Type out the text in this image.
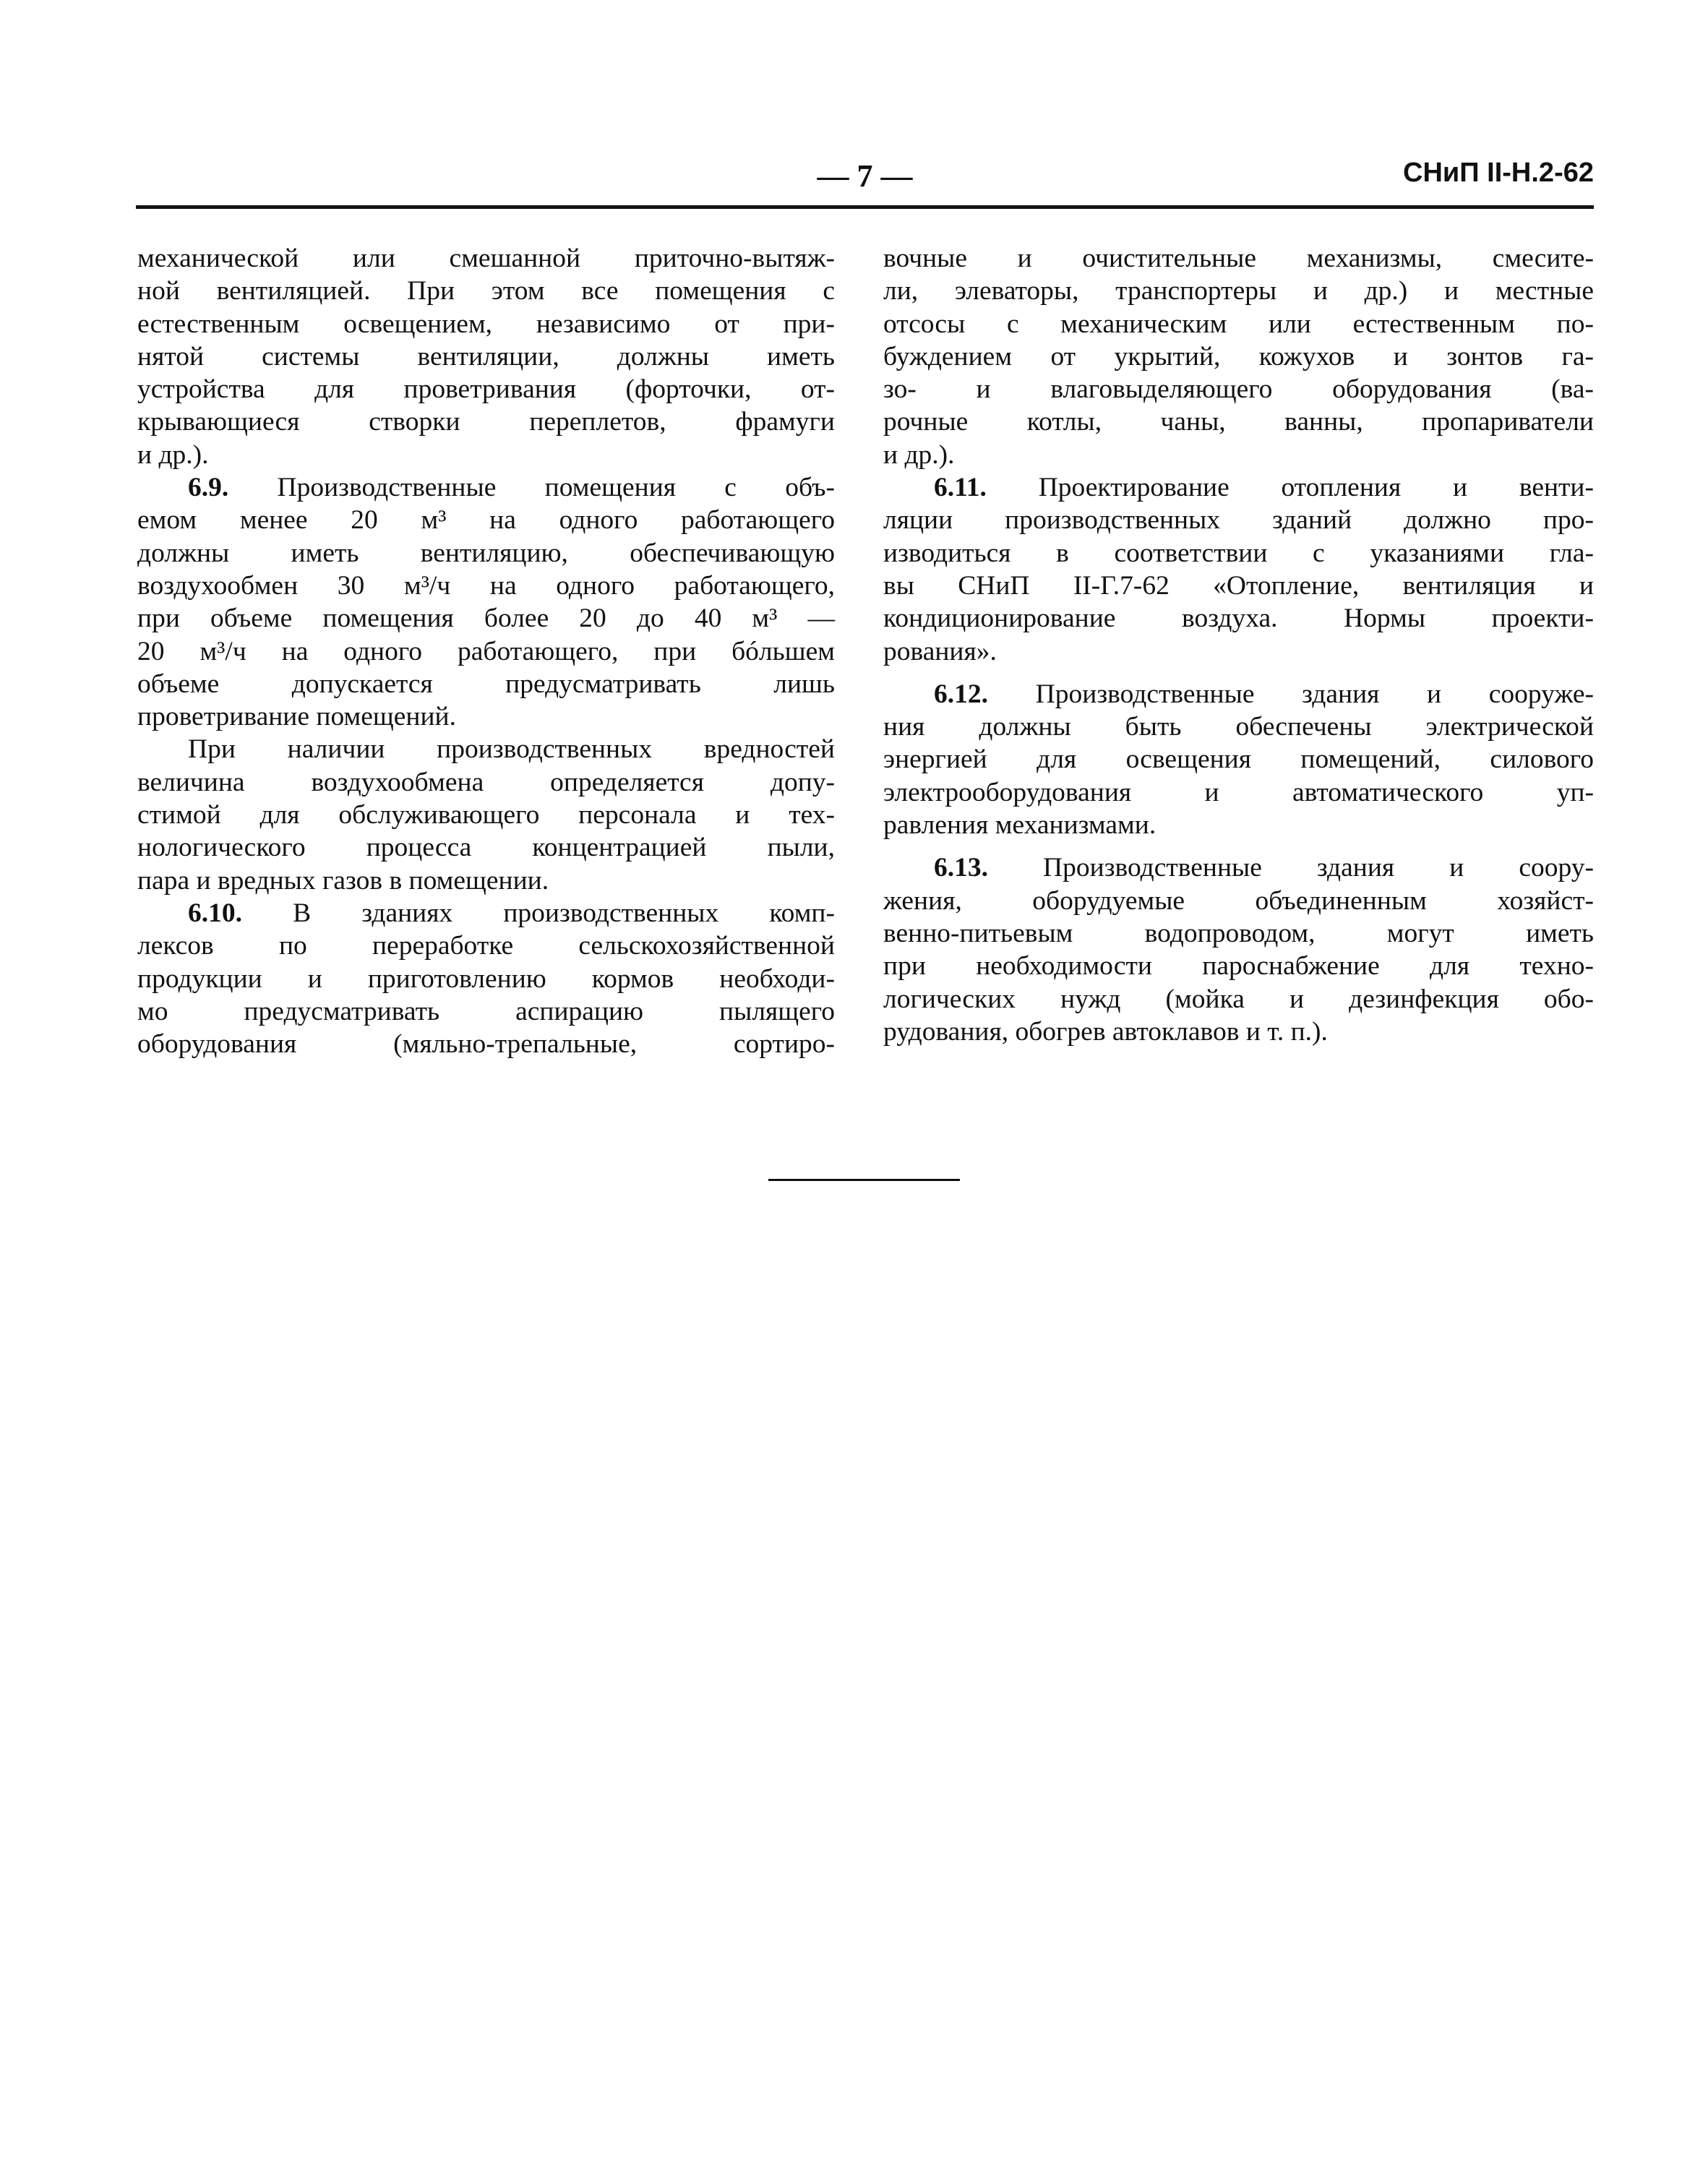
— 7 —	СНиП II-Н.2-62
механической или смешанной приточно-вытяж-
ной вентиляцией. При этом все помещения с
естественным освещением, независимо от при-
нятой системы вентиляции, должны иметь
устройства для проветривания (форточки, от-
крывающиеся створки переплетов, фрамуги
и др.).
6.9. Производственные помещения с объ-
емом менее 20 м³ на одного работающего
должны иметь вентиляцию, обеспечивающую
воздухообмен 30 м³/ч на одного работающего,
при объеме помещения более 20 до 40 м³ —
20 м³/ч на одного работающего, при бóльшем
объеме допускается предусматривать лишь
проветривание помещений.
При наличии производственных вредностей
величина воздухообмена определяется допу-
стимой для обслуживающего персонала и тех-
нологического процесса концентрацией пыли,
пара и вредных газов в помещении.
6.10. В зданиях производственных комп-
лексов по переработке сельскохозяйственной
продукции и приготовлению кормов необходи-
мо предусматривать аспирацию пылящего
оборудования (мяльно-трепальные, сортиро-
вочные и очистительные механизмы, смесите-
ли, элеваторы, транспортеры и др.) и местные
отсосы с механическим или естественным по-
буждением от укрытий, кожухов и зонтов га-
зо- и влаговыделяющего оборудования (ва-
рочные котлы, чаны, ванны, пропариватели
и др.).
6.11. Проектирование отопления и венти-
ляции производственных зданий должно про-
изводиться в соответствии с указаниями гла-
вы СНиП II-Г.7-62 «Отопление, вентиляция и
кондиционирование воздуха. Нормы проекти-
рования».
6.12. Производственные здания и сооруже-
ния должны быть обеспечены электрической
энергией для освещения помещений, силового
электрооборудования и автоматического уп-
равления механизмами.
6.13. Производственные здания и соору-
жения, оборудуемые объединенным хозяйст-
венно-питьевым водопроводом, могут иметь
при необходимости пароснабжение для техно-
логических нужд (мойка и дезинфекция обо-
рудования, обогрев автоклавов и т. п.).
